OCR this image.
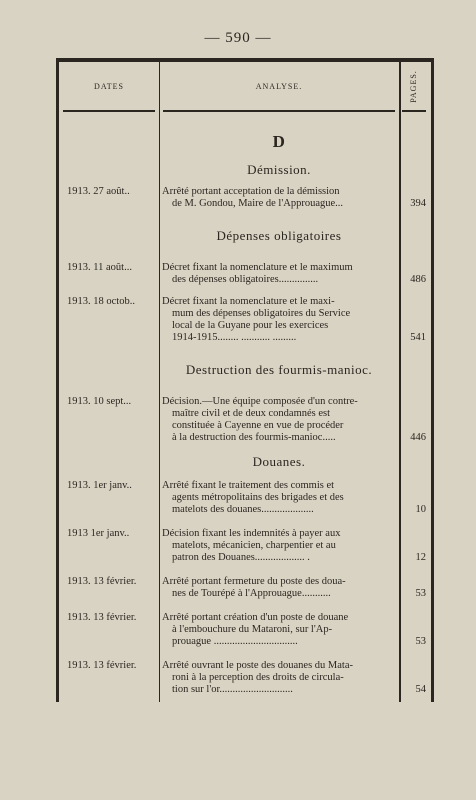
— 590 —
DATES	ANALYSE.	PAGES.
D
Démission.
1913. 27 août..	Arrêté portant acceptation de la démission
de M. Gondou, Maire de l'Approuague...	394
Dépenses obligatoires
1913. 11 août...	Décret fixant la nomenclature et le maximum
des dépenses obligatoires...............	486
1913. 18 octob..	Décret fixant la nomenclature et le maxi-
mum des dépenses obligatoires du Service
local de la Guyane pour les exercices
1914-1915........ ........... .........	541
Destruction des fourmis-manioc.
1913. 10 sept...	Décision.—Une équipe composée d'un contre-
maître civil et de deux condamnés est
constituée à Cayenne en vue de procéder
à la destruction des fourmis-manioc.....	446
Douanes.
1913. 1er janv..	Arrêté fixant le traitement des commis et
agents métropolitains des brigades et des
matelots des douanes....................	10
1913 1er janv..	Décision fixant les indemnités à payer aux
matelots, mécanicien, charpentier et au
patron des Douanes................... .	12
1913. 13 février.	Arrêté portant fermeture du poste des doua-
nes de Tourépé à l'Approuague...........	53
1913. 13 février.	Arrêté portant création d'un poste de douane
à l'embouchure du Mataroni, sur l'Ap-
prouague ................................	53
1913. 13 février.	Arrêté ouvrant le poste des douanes du Mata-
roni à la perception des droits de circula-
tion sur l'or............................	54
